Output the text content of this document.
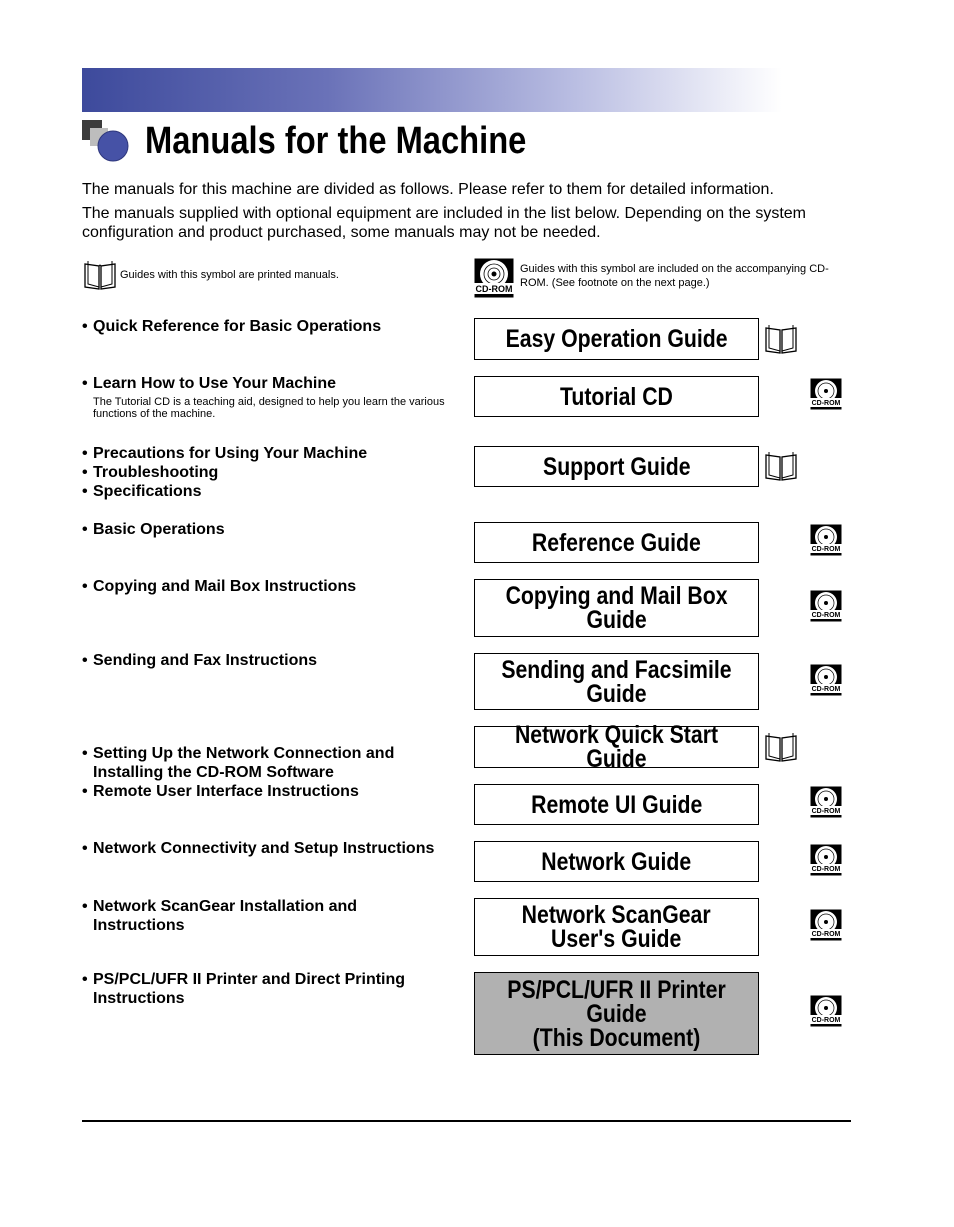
Manuals for the Machine

The manuals for this machine are divided as follows. Please refer to them for detailed information.

The manuals supplied with optional equipment are included in the list below. Depending on the system configuration and product purchased, some manuals may not be needed.

Guides with this symbol are printed manuals.
CD-ROM
Guides with this symbol are included on the accompanying CD-ROM. (See footnote on the next page.)
• Quick Reference for Basic Operations
• Learn How to Use Your Machine

The Tutorial CD is a teaching aid, designed to help you learn the various functions of the machine.

• Precautions for Using Your Machine
• Troubleshooting
• Specifications
• Basic Operations
• Copying and Mail Box Instructions
• Sending and Fax Instructions

• Setting Up the Network Connection and
Installing the CD-ROM Software

• Remote User Interface Instructions
• Network Connectivity and Setup Instructions
• Network ScanGear Installation and
Instructions
• PS/PCL/UFR II Printer and Direct Printing
Instructions
Easy Operation Guide
Tutorial CD
Support Guide
Reference Guide
Copying and Mail Box
Guide
Sending and Facsimile
Guide
Network Quick Start Guide
Remote UI Guide
Network Guide
Network ScanGear
User's Guide
PS/PCL/UFR II Printer
Guide
(This Document)
CD-ROM
CD-ROM
CD-ROM
CD-ROM
CD-ROM
CD-ROM
CD-ROM
CD-ROM
